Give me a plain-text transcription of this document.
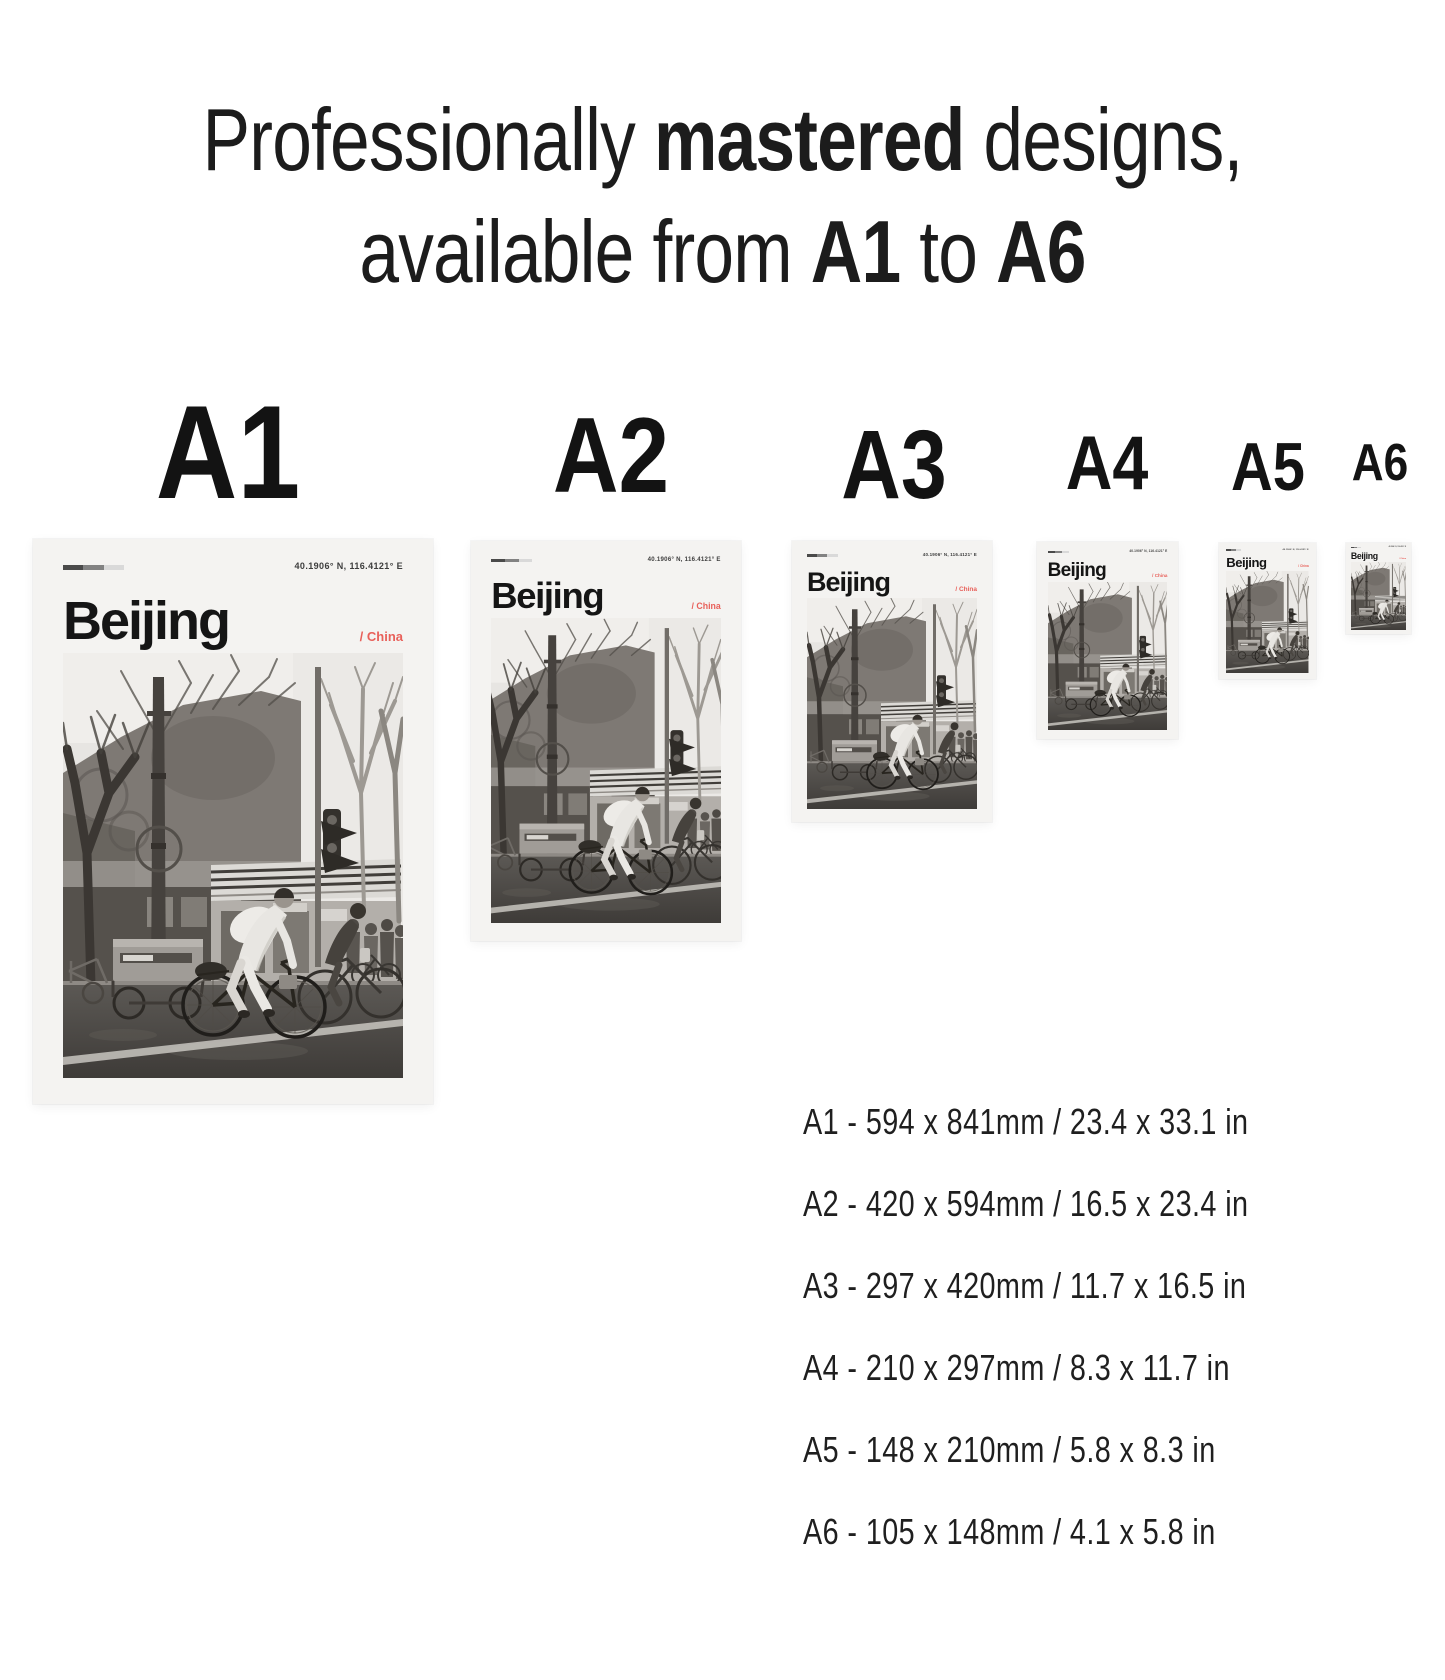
Professionally mastered designs,
available from A1 to A6
A1 A2 A3 A4 A5 A6
40.1906° N, 116.4121° E
Beijing	/ China
40.1906° N, 116.4121° E
Beijing	/ China
40.1906° N, 116.4121° E
Beijing	/ China
40.1906° N, 116.4121° E
Beijing	/ China
40.1906° N, 116.4121° E
Beijing	/ China
40.1906° N, 116.4121° E
Beijing	/ China
A1 - 594 x 841mm / 23.4 x 33.1 in
A2 - 420 x 594mm / 16.5 x 23.4 in
A3 - 297 x 420mm / 11.7 x 16.5 in
A4 - 210 x 297mm / 8.3 x 11.7 in
A5 - 148 x 210mm / 5.8 x 8.3 in
A6 - 105 x 148mm / 4.1 x 5.8 in
